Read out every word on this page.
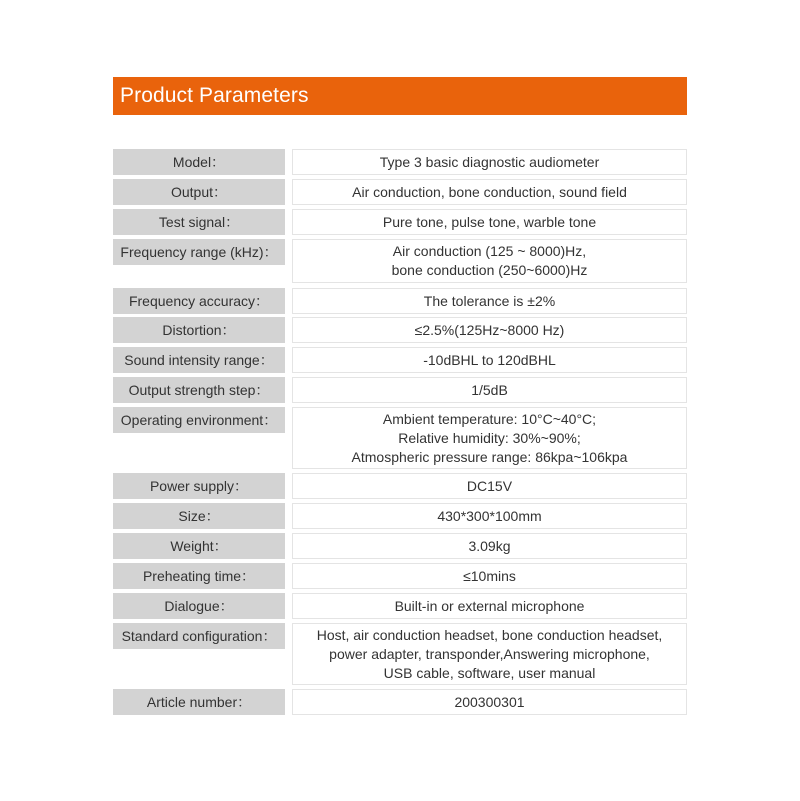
Product Parameters
Model：	Type 3 basic diagnostic audiometer
Output：	Air conduction, bone conduction, sound field
Test signal：	Pure tone, pulse tone, warble tone
Frequency range (kHz)：	Air conduction (125 ~ 8000)Hz,
bone conduction (250~6000)Hz
Frequency accuracy：	The tolerance is ±2%
Distortion：	≤2.5%(125Hz~8000 Hz)
Sound intensity range：	-10dBHL to 120dBHL
Output strength step：	1/5dB
Operating environment：	Ambient temperature: 10°C~40°C;
Relative humidity: 30%~90%;
Atmospheric pressure range: 86kpa~106kpa
Power supply：	DC15V
Size：	430*300*100mm
Weight：	3.09kg
Preheating time：	≤10mins
Dialogue：	Built-in or external microphone
Standard configuration：	Host, air conduction headset, bone conduction headset,
power adapter, transponder,Answering microphone,
USB cable, software, user manual
Article number：	200300301
